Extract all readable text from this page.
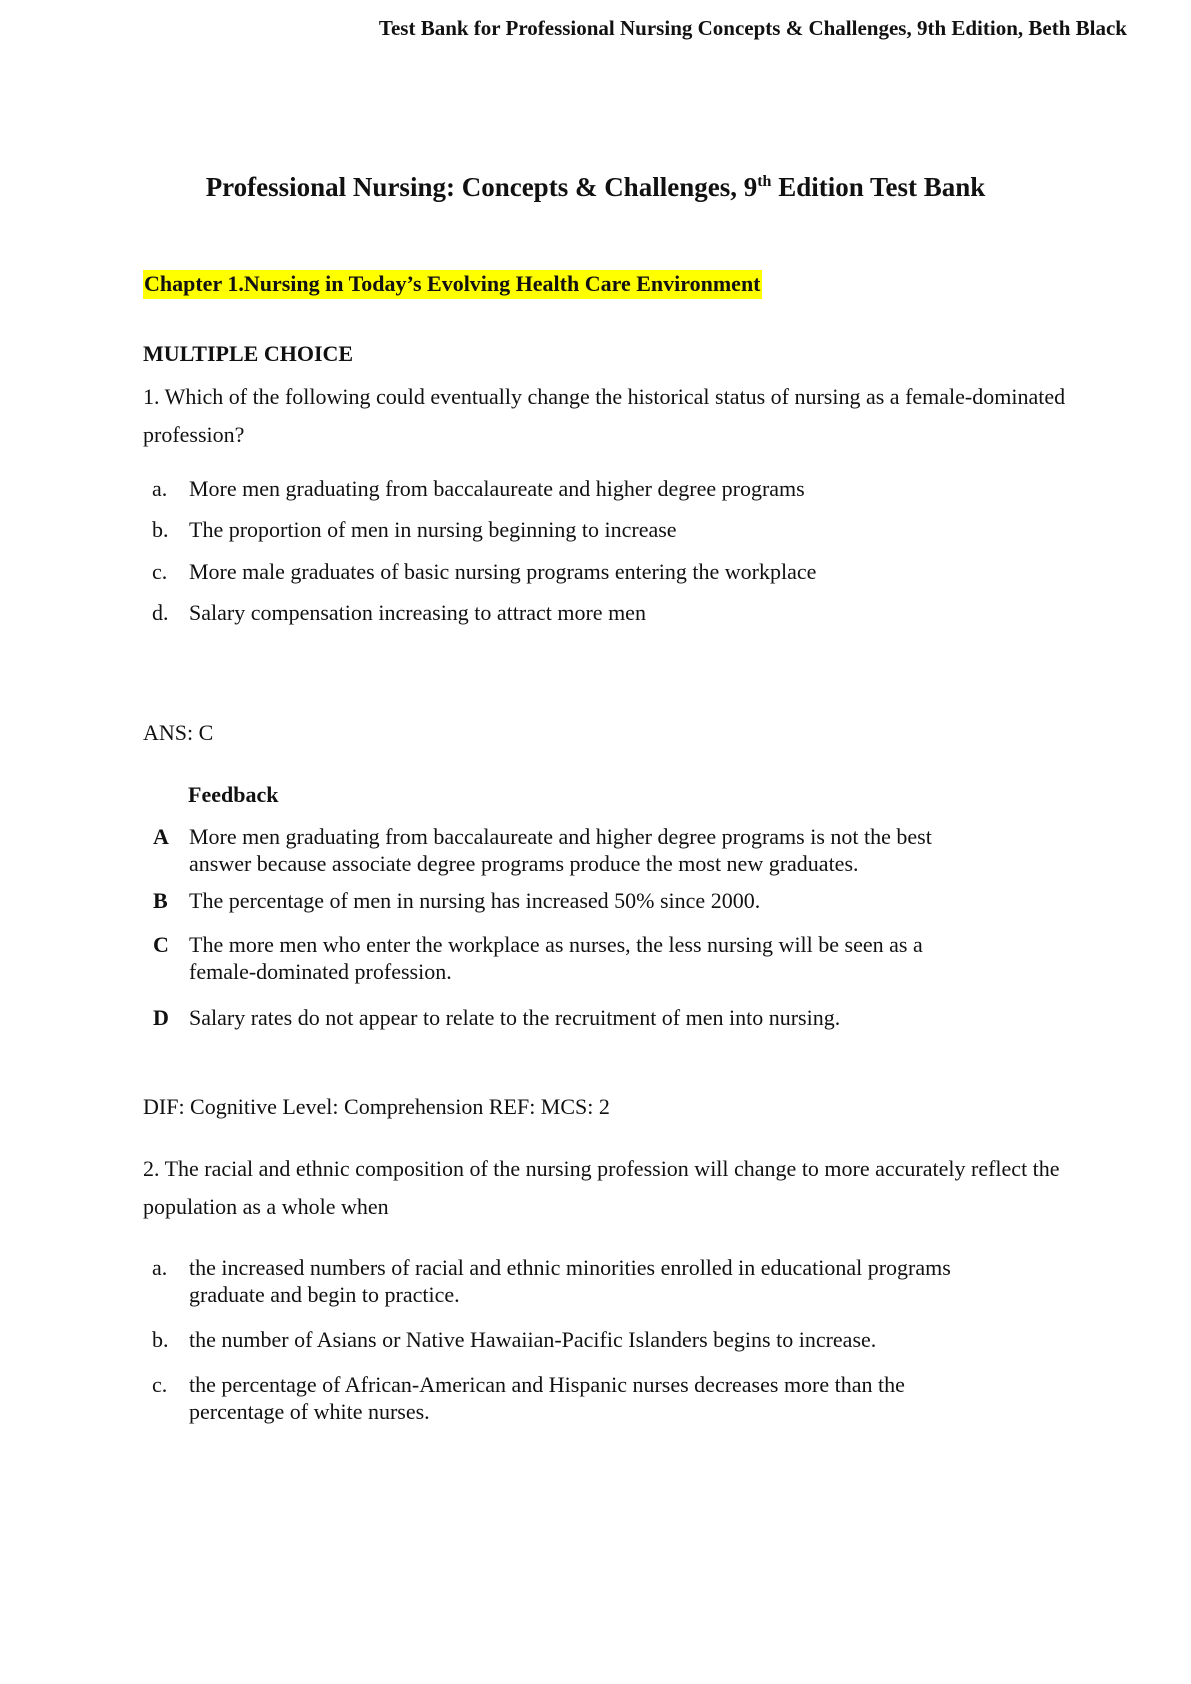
Test Bank for Professional Nursing Concepts & Challenges, 9th Edition, Beth Black
Professional Nursing: Concepts & Challenges, 9th Edition Test Bank
Chapter 1.Nursing in Today’s Evolving Health Care Environment
MULTIPLE CHOICE
1. Which of the following could eventually change the historical status of nursing as a female-dominated profession?
a. More men graduating from baccalaureate and higher degree programs
b. The proportion of men in nursing beginning to increase
c. More male graduates of basic nursing programs entering the workplace
d. Salary compensation increasing to attract more men
ANS: C
Feedback
A More men graduating from baccalaureate and higher degree programs is not the best answer because associate degree programs produce the most new graduates.
B The percentage of men in nursing has increased 50% since 2000.
C The more men who enter the workplace as nurses, the less nursing will be seen as a female-dominated profession.
D Salary rates do not appear to relate to the recruitment of men into nursing.
DIF: Cognitive Level: Comprehension REF: MCS: 2
2. The racial and ethnic composition of the nursing profession will change to more accurately reflect the population as a whole when
a. the increased numbers of racial and ethnic minorities enrolled in educational programs graduate and begin to practice.
b. the number of Asians or Native Hawaiian-Pacific Islanders begins to increase.
c. the percentage of African-American and Hispanic nurses decreases more than the percentage of white nurses.
